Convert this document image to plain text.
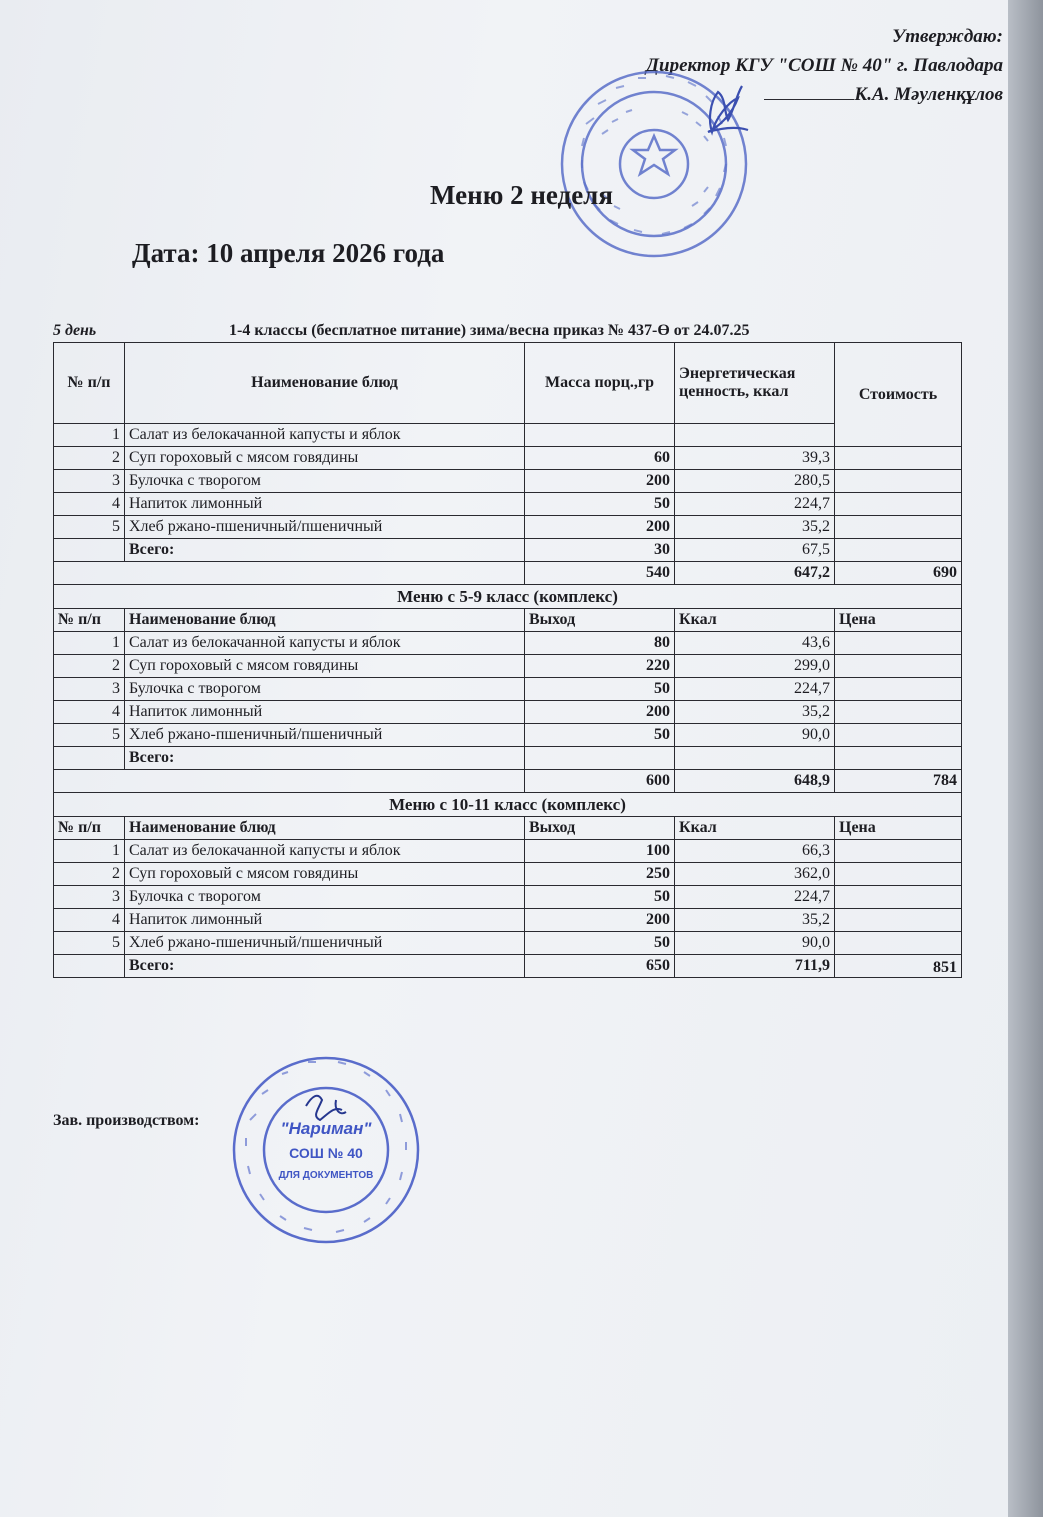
Утверждаю:
Директор КГУ "СОШ № 40" г. Павлодара
К.А. Мәуленқұлов
Меню 2 неделя
Дата: 10 апреля 2026 года
5 день	1-4 классы (бесплатное питание) зима/весна приказ № 437-Ө от 24.07.25
№ п/п	Наименование блюд	Масса порц.,гр	Энергетическая ценность, ккал	Стоимость

1	Салат из белокачанной капусты и яблок			
2	Суп гороховый с мясом говядины	60	39,3	
3	Булочка с творогом	200	280,5	
4	Напиток лимонный	50	224,7	
5	Хлеб ржано-пшеничный/пшеничный	200	35,2	
	Всего:	30	67,5	
		540	647,2	690
Меню с 5-9 класс (комплекс)				
№ п/п	Наименование блюд	Выход	Ккал	Цена
1	Салат из белокачанной капусты и яблок	80	43,6	
2	Суп гороховый с мясом говядины	220	299,0	
3	Булочка с творогом	50	224,7	
4	Напиток лимонный	200	35,2	
5	Хлеб ржано-пшеничный/пшеничный	50	90,0	
	Всего:			
		600	648,9	784
Меню с 10-11 класс (комплекс)				
№ п/п	Наименование блюд	Выход	Ккал	Цена
1	Салат из белокачанной капусты и яблок	100	66,3	
2	Суп гороховый с мясом говядины	250	362,0	
3	Булочка с творогом	50	224,7	
4	Напиток лимонный	200	35,2	
5	Хлеб ржано-пшеничный/пшеничный	50	90,0	
	Всего:	650	711,9	851
Зав. производством:	"Нариман"
СОШ № 40
ДЛЯ ДОКУМЕНТОВ
